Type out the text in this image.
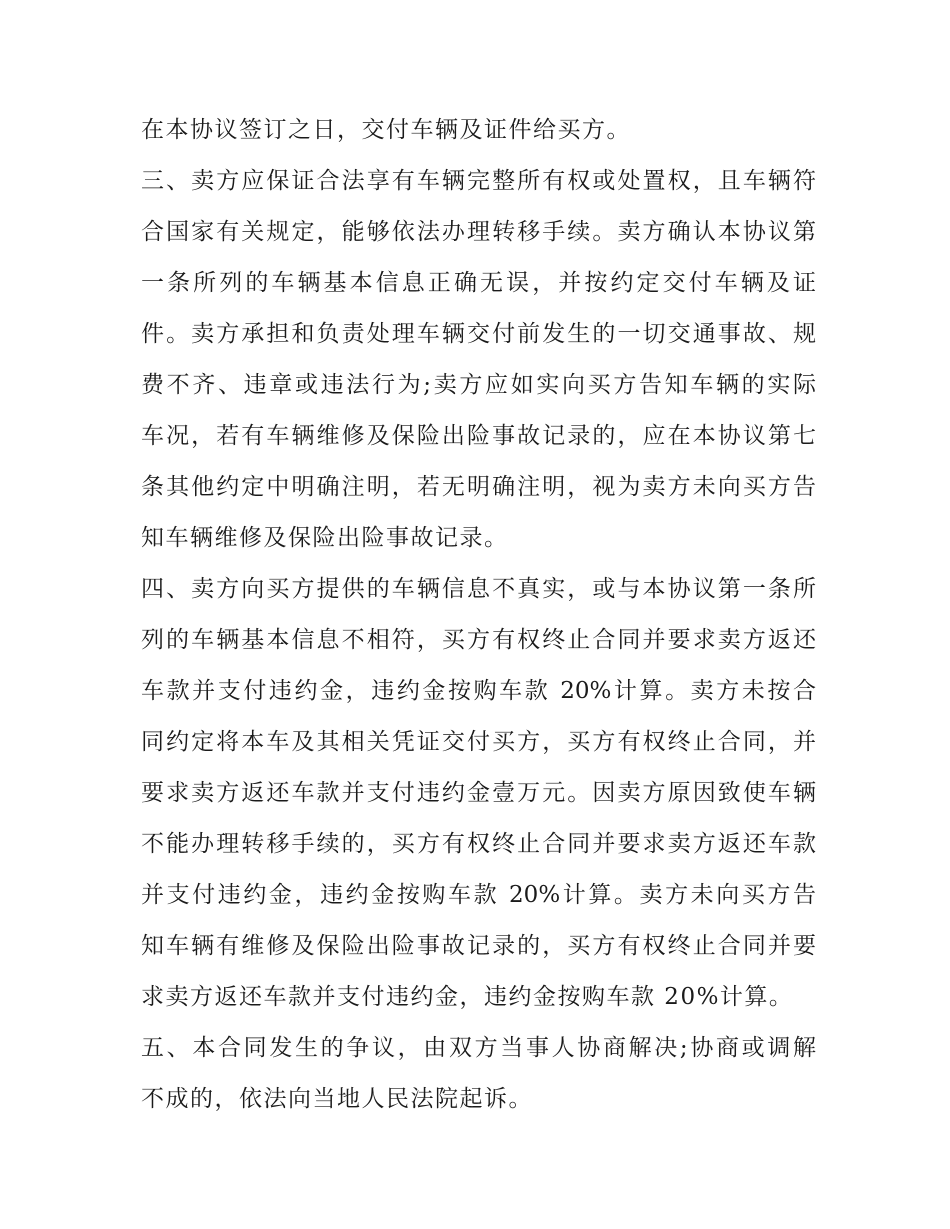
在本协议签订之日，交付车辆及证件给买方。
三、卖方应保证合法享有车辆完整所有权或处置权，且车辆符
合国家有关规定，能够依法办理转移手续。卖方确认本协议第
一条所列的车辆基本信息正确无误，并按约定交付车辆及证
件。卖方承担和负责处理车辆交付前发生的一切交通事故、规
费不齐、违章或违法行为;卖方应如实向买方告知车辆的实际
车况，若有车辆维修及保险出险事故记录的，应在本协议第七
条其他约定中明确注明，若无明确注明，视为卖方未向买方告
知车辆维修及保险出险事故记录。
四、卖方向买方提供的车辆信息不真实，或与本协议第一条所
列的车辆基本信息不相符，买方有权终止合同并要求卖方返还
车款并支付违约金，违约金按购车款 20%计算。卖方未按合
同约定将本车及其相关凭证交付买方，买方有权终止合同，并
要求卖方返还车款并支付违约金壹万元。因卖方原因致使车辆
不能办理转移手续的，买方有权终止合同并要求卖方返还车款
并支付违约金，违约金按购车款 20%计算。卖方未向买方告
知车辆有维修及保险出险事故记录的，买方有权终止合同并要
求卖方返还车款并支付违约金，违约金按购车款 20%计算。
五、本合同发生的争议，由双方当事人协商解决;协商或调解
不成的，依法向当地人民法院起诉。
